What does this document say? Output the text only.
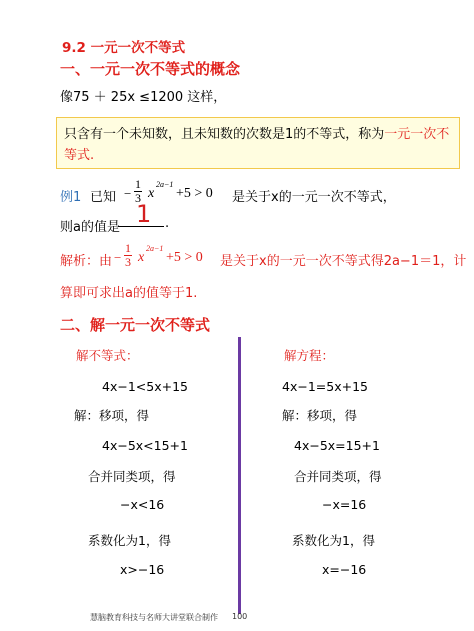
9.2 一元一次不等式
一、一元一次不等式的概念
像75 ＋ 25x ≤1200 这样，
只含有一个未知数，且未知数的次数是1的不等式，称为一元一次不等式.
例1 已知 − $\frac{1}{3}$ x
2a−1
+5 > 0 是关于x的一元一次不等式，
则a的值是 1 .
解析：由 − $\frac{1}{3}$ x
2a−1
+5 > 0 是关于x的一元一次不等式得2a−1＝1，计
算即可求出a的值等于1.
二、解一元一次不等式
解不等式：
4x−1<5x+15
解：移项，得
4x−5x<15+1
合并同类项，得
−x<16
系数化为1，得
x>−16
解方程：
4x−1=5x+15
解：移项，得
4x−5x=15+1
合并同类项，得
−x=16
系数化为1，得
x=−16
慧脑教育科技与名师大讲堂联合制作 100
